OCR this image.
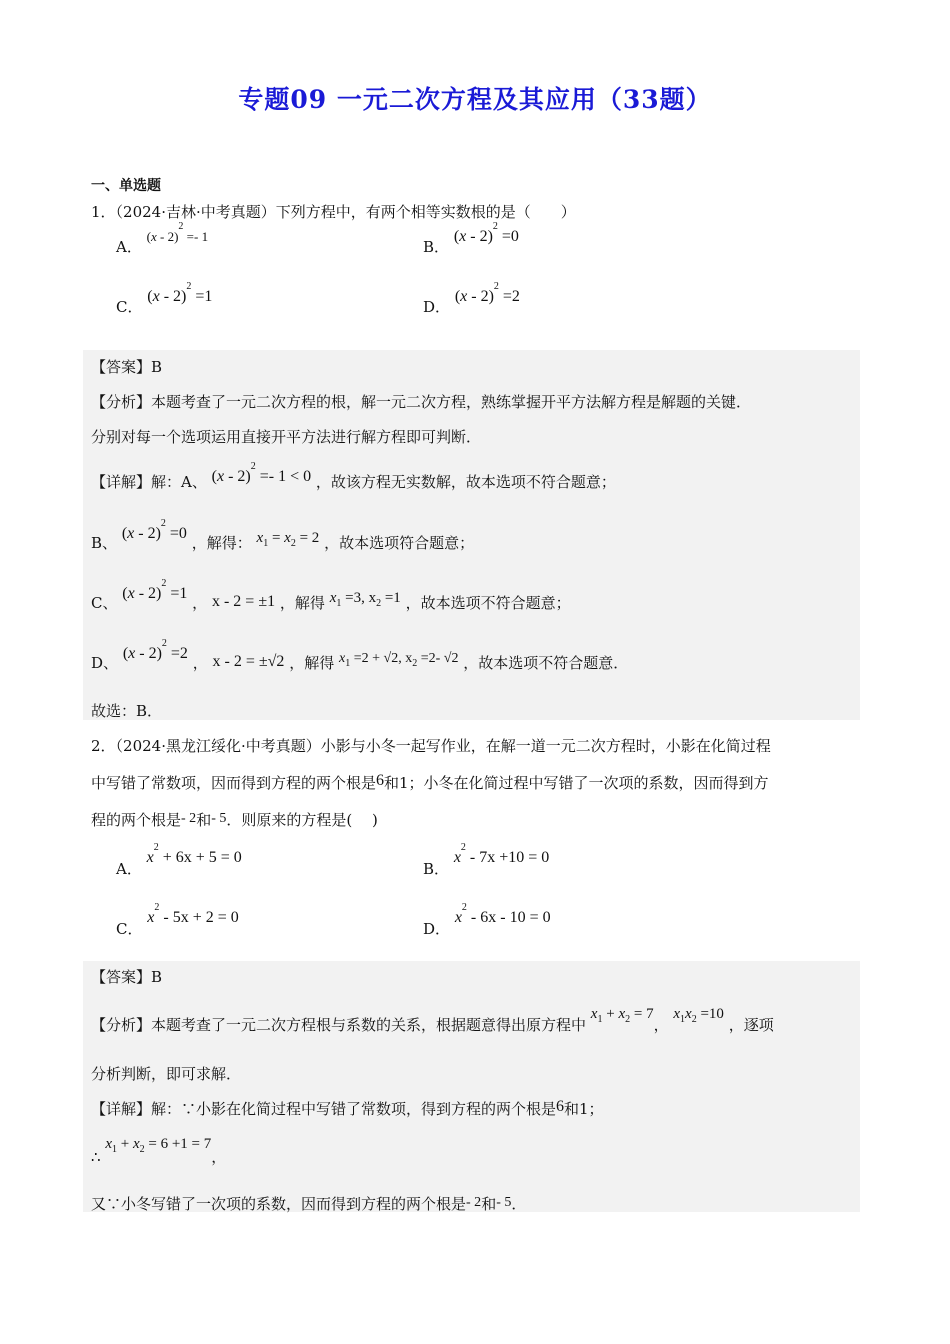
专题09 一元二次方程及其应用（33题）
一、单选题
1．（2024·吉林·中考真题）下列方程中，有两个相等实数根的是（　　）
A． (x - 2)$^2$ =- 1
B． (x - 2)$^2$ =0
C． (x - 2)$^2$ =1
D． (x - 2)$^2$ =2
【答案】B
【分析】本题考查了一元二次方程的根，解一元二次方程，熟练掌握开平方法解方程是解题的关键．
分别对每一个选项运用直接开平方法进行解方程即可判断．
【详解】解：A、 (x - 2)$^2$ =- 1 < 0 ，故该方程无实数解，故本选项不符合题意；
B、 (x - 2)$^2$ =0 ，解得： $x_1 = x_2 = 2$ ，故本选项符合题意；
C、 (x - 2)$^2$ =1 ， x - 2 = ±1 ，解得 $x_1 =3$, $x_2 =1$ ，故本选项不符合题意；
D、 (x - 2)$^2$ =2 ， x - 2 = ±√2 ，解得 $x_1 =2 + √2$, $x_2 =2-$ √2 ，故本选项不符合题意．
故选：B．
2．（2024·黑龙江绥化·中考真题）小影与小冬一起写作业，在解一道一元二次方程时，小影在化简过程
中写错了常数项，因而得到方程的两个根是6和1；小冬在化简过程中写错了一次项的系数，因而得到方
程的两个根是- 2和- 5．则原来的方程是(　 )
A． $x^2 + 6x + 5 = 0$
B． $x^2 - 7x +10 = 0$
C． $x^2 - 5x + 2 = 0$
D． $x^2 - 6x - 10 = 0$
【答案】B
【分析】本题考查了一元二次方程根与系数的关系，根据题意得出原方程中 $x_1 + x_2 = 7$， $x_1x_2 =10$ ，逐项
分析判断，即可求解．
【详解】解：∵小影在化简过程中写错了常数项，得到方程的两个根是6和1；
∴ $x_1 + x_2 = 6 +1 = 7$，
又∵小冬写错了一次项的系数，因而得到方程的两个根是- 2和- 5．
